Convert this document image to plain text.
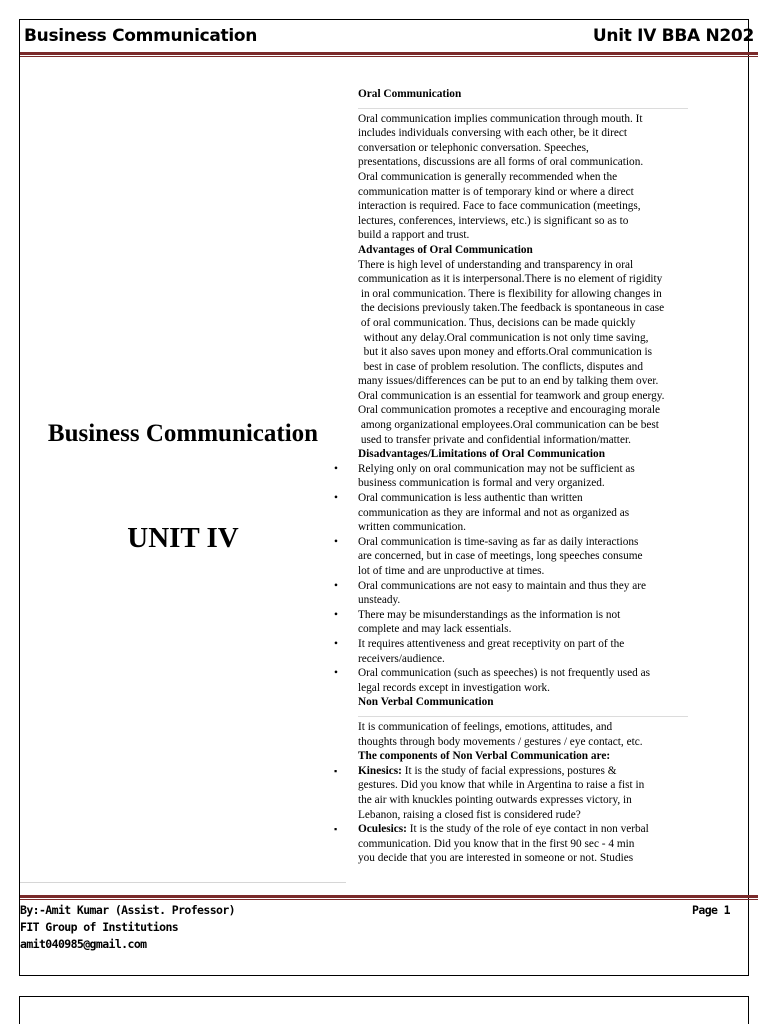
Business Communication	Unit IV BBA N202
Business Communication
UNIT IV

Oral Communication

Oral communication implies communication through mouth. It
includes individuals conversing with each other, be it direct
conversation or telephonic conversation. Speeches,
presentations, discussions are all forms of oral communication.
Oral communication is generally recommended when the
communication matter is of temporary kind or where a direct
interaction is required. Face to face communication (meetings,
lectures, conferences, interviews, etc.) is significant so as to
build a rapport and trust.

Advantages of Oral Communication

There is high level of understanding and transparency in oral
communication as it is interpersonal.There is no element of rigidity
in oral communication. There is flexibility for allowing changes in
the decisions previously taken.The feedback is spontaneous in case
of oral communication. Thus, decisions can be made quickly
without any delay.Oral communication is not only time saving,
but it also saves upon money and efforts.Oral communication is
best in case of problem resolution. The conflicts, disputes and
many issues/differences can be put to an end by talking them over.
Oral communication is an essential for teamwork and group energy.
Oral communication promotes a receptive and encouraging morale
among organizational employees.Oral communication can be best
used to transfer private and confidential information/matter.

Disadvantages/Limitations of Oral Communication

• Relying only on oral communication may not be sufficient as
business communication is formal and very organized.
• Oral communication is less authentic than written
communication as they are informal and not as organized as
written communication.
• Oral communication is time-saving as far as daily interactions
are concerned, but in case of meetings, long speeches consume
lot of time and are unproductive at times.
• Oral communications are not easy to maintain and thus they are
unsteady.
• There may be misunderstandings as the information is not
complete and may lack essentials.
• It requires attentiveness and great receptivity on part of the
receivers/audience.
• Oral communication (such as speeches) is not frequently used as
legal records except in investigation work.

Non Verbal Communication

It is communication of feelings, emotions, attitudes, and
thoughts through body movements / gestures / eye contact, etc.

The components of Non Verbal Communication are:

▪ Kinesics: It is the study of facial expressions, postures &
gestures. Did you know that while in Argentina to raise a fist in
the air with knuckles pointing outwards expresses victory, in
Lebanon, raising a closed fist is considered rude?
▪ Oculesics: It is the study of the role of eye contact in non verbal
communication. Did you know that in the first 90 sec - 4 min
you decide that you are interested in someone or not. Studies
By:-Amit Kumar (Assist. Professor)
FIT Group of Institutions
amit040985@gmail.com
Page 1
